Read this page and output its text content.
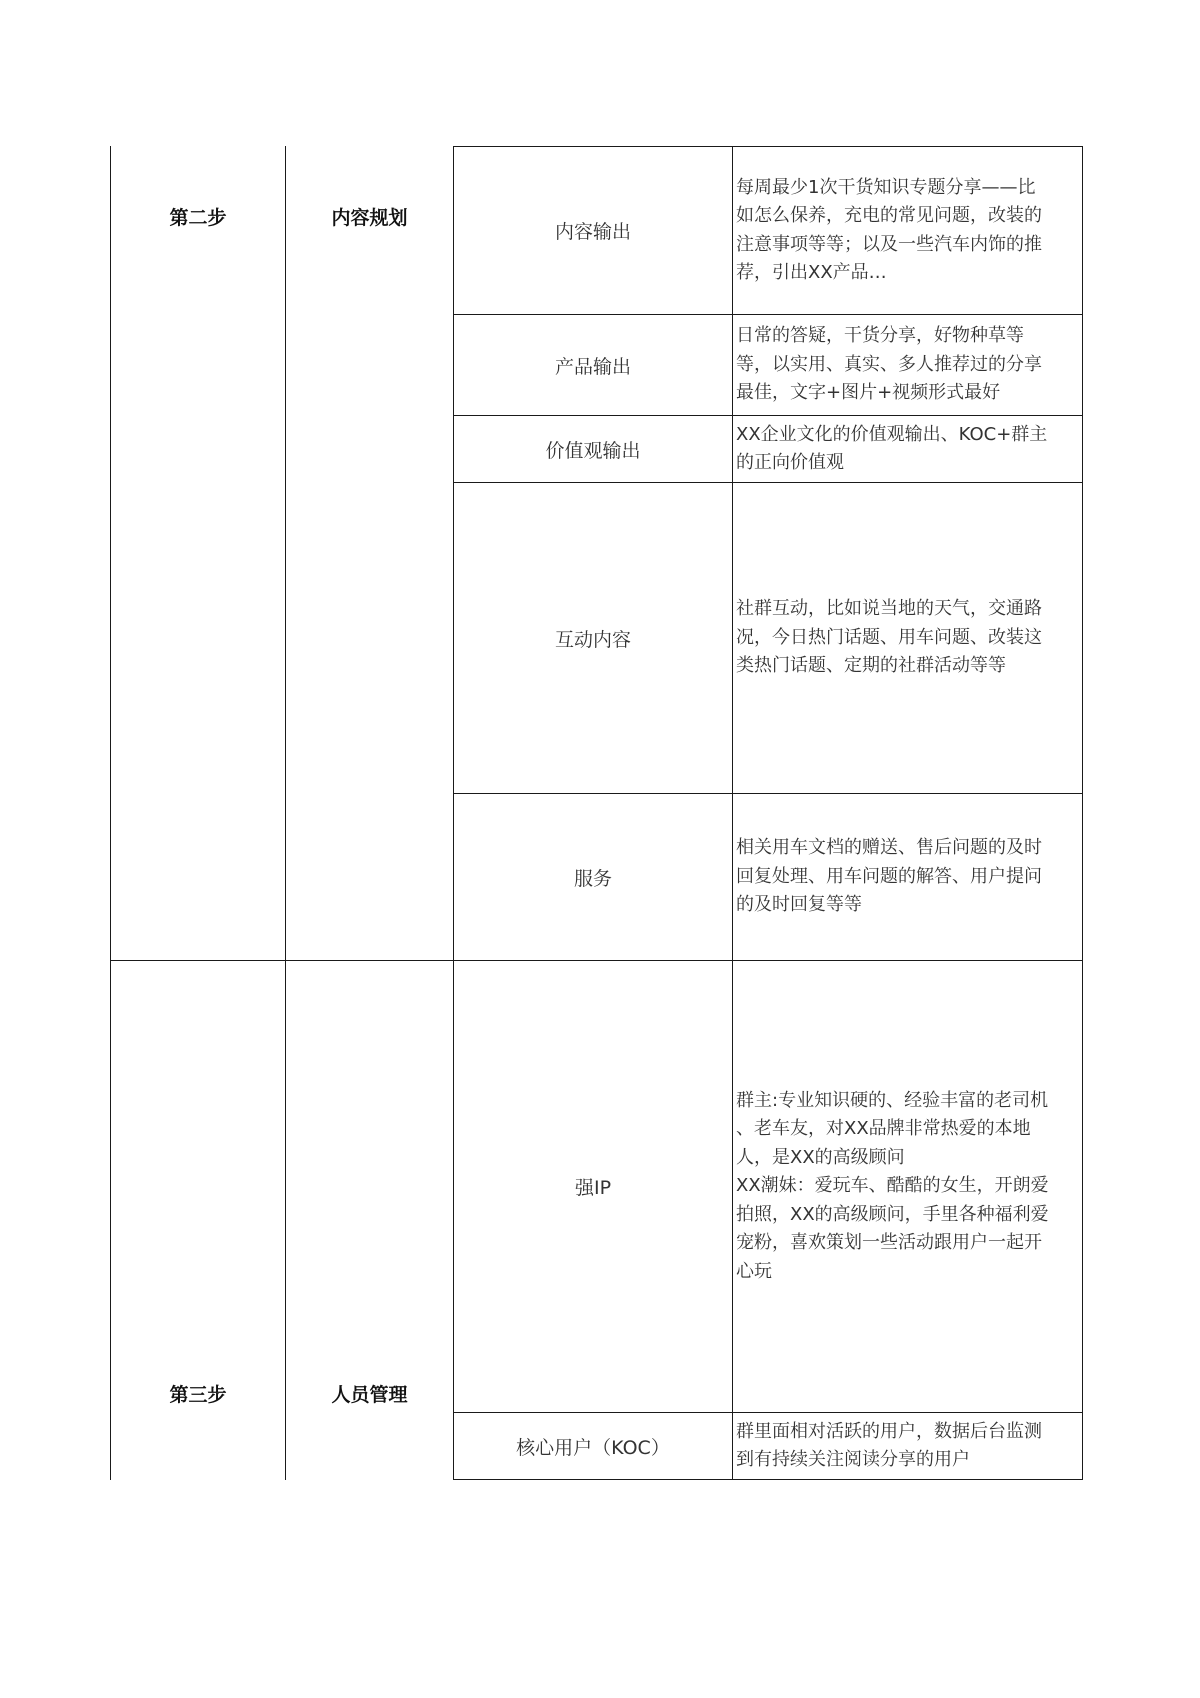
第二步	内容规划
内容输出
每周最少1次干货知识专题分享——比
如怎么保养，充电的常见问题，改装的
注意事项等等；以及一些汽车内饰的推
荐，引出XX产品…
产品输出
日常的答疑，干货分享，好物种草等
等，以实用、真实、多人推荐过的分享
最佳，文字+图片+视频形式最好
价值观输出
XX企业文化的价值观输出、KOC+群主
的正向价值观
互动内容
社群互动，比如说当地的天气，交通路
况，今日热门话题、用车问题、改装这
类热门话题、定期的社群活动等等
服务
相关用车文档的赠送、售后问题的及时
回复处理、用车问题的解答、用户提问
的及时回复等等
第三步	人员管理
强IP
群主:专业知识硬的、经验丰富的老司机
、老车友，对XX品牌非常热爱的本地
人，是XX的高级顾问
XX潮妹：爱玩车、酷酷的女生，开朗爱
拍照，XX的高级顾问，手里各种福利爱
宠粉，喜欢策划一些活动跟用户一起开
心玩
核心用户（KOC）
群里面相对活跃的用户，数据后台监测
到有持续关注阅读分享的用户
